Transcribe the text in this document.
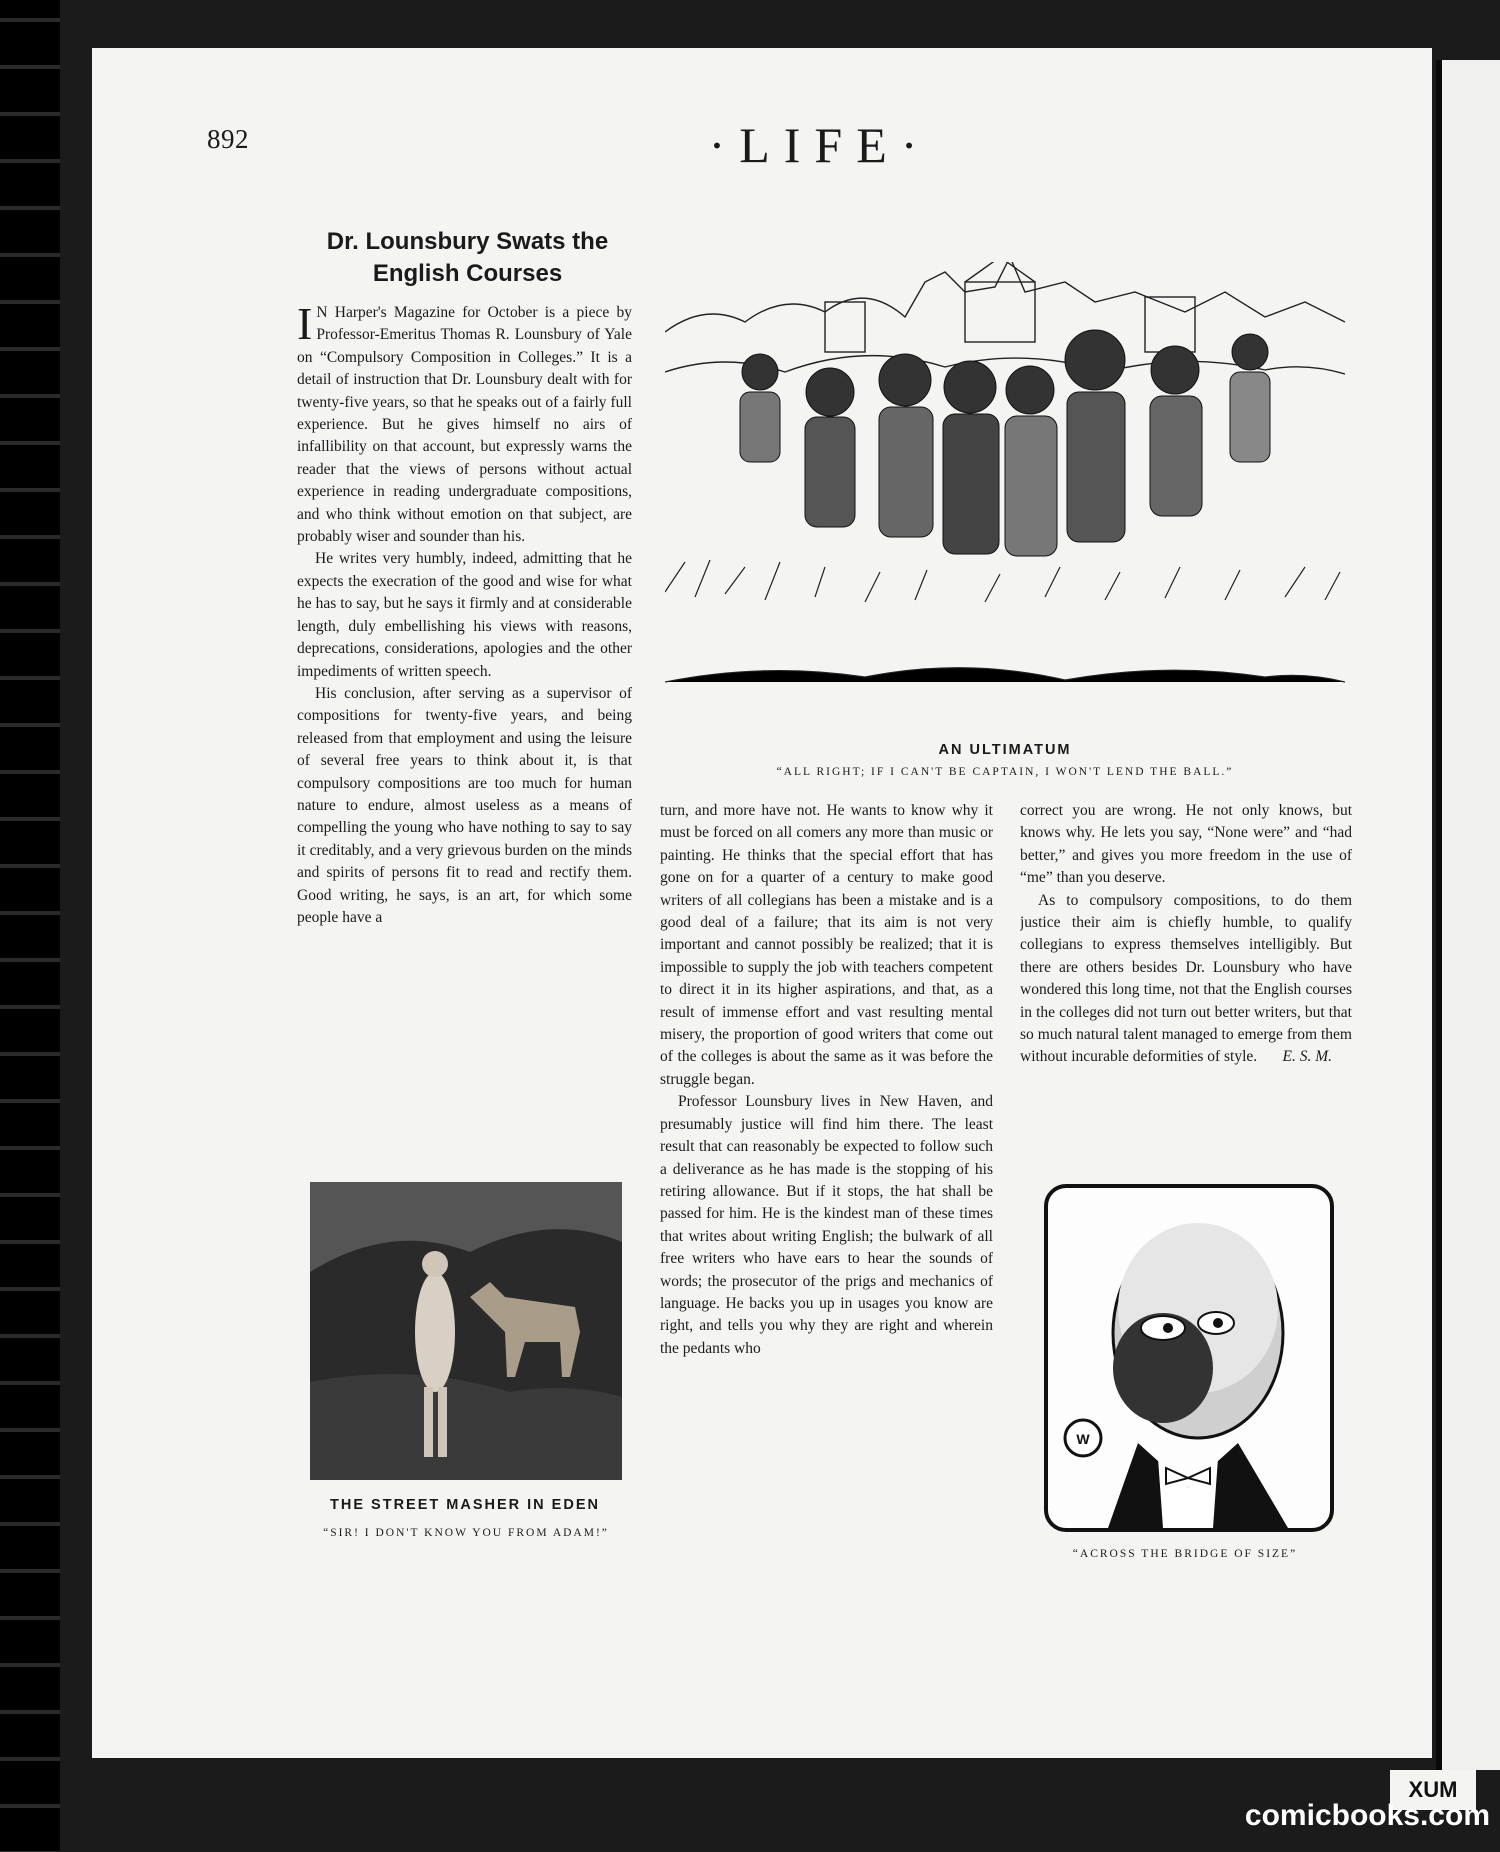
892	·LIFE·
Dr. Lounsbury Swats the English Courses

I N Harper's Magazine for October is a piece by Professor-Emeritus Thomas R. Lounsbury of Yale on “Compulsory Composition in Colleges.” It is a detail of instruction that Dr. Lounsbury dealt with for twenty-five years, so that he speaks out of a fairly full experience. But he gives himself no airs of infallibility on that account, but expressly warns the reader that the views of persons without actual experience in reading undergraduate compositions, and who think without emotion on that subject, are probably wiser and sounder than his.

He writes very humbly, indeed, admitting that he expects the execration of the good and wise for what he has to say, but he says it firmly and at considerable length, duly embellishing his views with reasons, deprecations, considerations, apologies and the other impediments of written speech.

His conclusion, after serving as a supervisor of compositions for twenty-five years, and being released from that employment and using the leisure of several free years to think about it, is that compulsory compositions are too much for human nature to endure, almost useless as a means of compelling the young who have nothing to say to say it creditably, and a very grievous burden on the minds and spirits of persons fit to read and rectify them. Good writing, he says, is an art, for which some people have a

turn, and more have not. He wants to know why it must be forced on all comers any more than music or painting. He thinks that the special effort that has gone on for a quarter of a century to make good writers of all collegians has been a mistake and is a good deal of a failure; that its aim is not very important and cannot possibly be realized; that it is impossible to supply the job with teachers competent to direct it in its higher aspirations, and that, as a result of immense effort and vast resulting mental misery, the proportion of good writers that come out of the colleges is about the same as it was before the struggle began.

Professor Lounsbury lives in New Haven, and presumably justice will find him there. The least result that can reasonably be expected to follow such a deliverance as he has made is the stopping of his retiring allowance. But if it stops, the hat shall be passed for him. He is the kindest man of these times that writes about writing English; the bulwark of all free writers who have ears to hear the sounds of words; the prosecutor of the prigs and mechanics of language. He backs you up in usages you know are right, and tells you why they are right and wherein the pedants who

correct you are wrong. He not only knows, but knows why. He lets you say, “None were” and “had better,” and gives you more freedom in the use of “me” than you deserve.

As to compulsory compositions, to do them justice their aim is chiefly humble, to qualify collegians to express themselves intelligibly. But there are others besides Dr. Lounsbury who have wondered this long time, not that the English courses in the colleges did not turn out better writers, but that so much natural talent managed to emerge from them without incurable deformities of style.	E. S. M.

AN ULTIMATUM
“ALL RIGHT; IF I CAN'T BE CAPTAIN, I WON'T LEND THE BALL.”
THE STREET MASHER IN EDEN
“SIR! I DON'T KNOW YOU FROM ADAM!”
W
“ACROSS THE BRIDGE OF SIZE”
XUM
comicbooks.com
